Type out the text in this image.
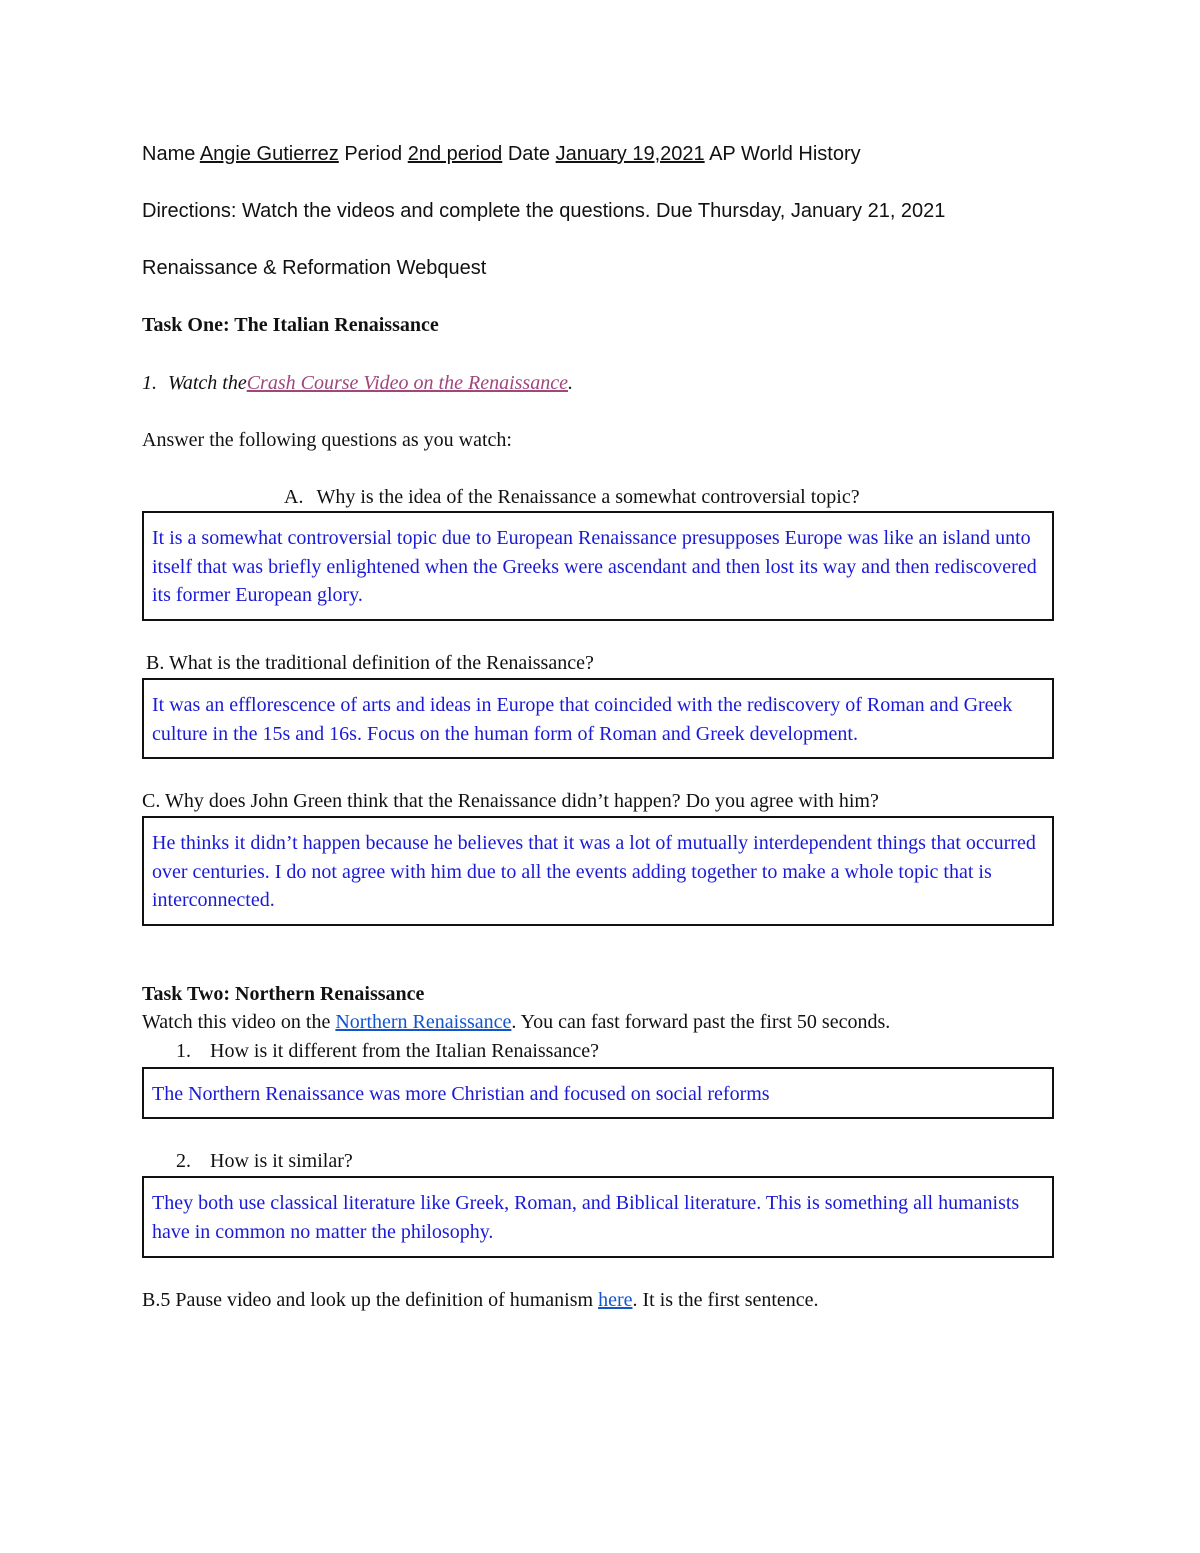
Name Angie Gutierrez Period 2nd period Date January 19,2021 AP World History
Directions: Watch the videos and complete the questions. Due Thursday, January 21, 2021
Renaissance & Reformation Webquest
Task One: The Italian Renaissance
1. Watch theCrash Course Video on the Renaissance.
Answer the following questions as you watch:
A. Why is the idea of the Renaissance a somewhat controversial topic?
It is a somewhat controversial topic due to European Renaissance presupposes Europe was like an island unto itself that was briefly enlightened when the Greeks were ascendant and then lost its way and then rediscovered its former European glory.
B. What is the traditional definition of the Renaissance?
It was an efflorescence of arts and ideas in Europe that coincided with the rediscovery of Roman and Greek culture in the 15s and 16s. Focus on the human form of Roman and Greek development.
C. Why does John Green think that the Renaissance didn’t happen? Do you agree with him?
He thinks it didn’t happen because he believes that it was a lot of mutually interdependent things that occurred over centuries. I do not agree with him due to all the events adding together to make a whole topic that is interconnected.
Task Two: Northern Renaissance
Watch this video on the Northern Renaissance. You can fast forward past the first 50 seconds.
1. How is it different from the Italian Renaissance?
The Northern Renaissance was more Christian and focused on social reforms
2. How is it similar?
They both use classical literature like Greek, Roman, and Biblical literature. This is something all humanists have in common no matter the philosophy.
B.5 Pause video and look up the definition of humanism here. It is the first sentence.
